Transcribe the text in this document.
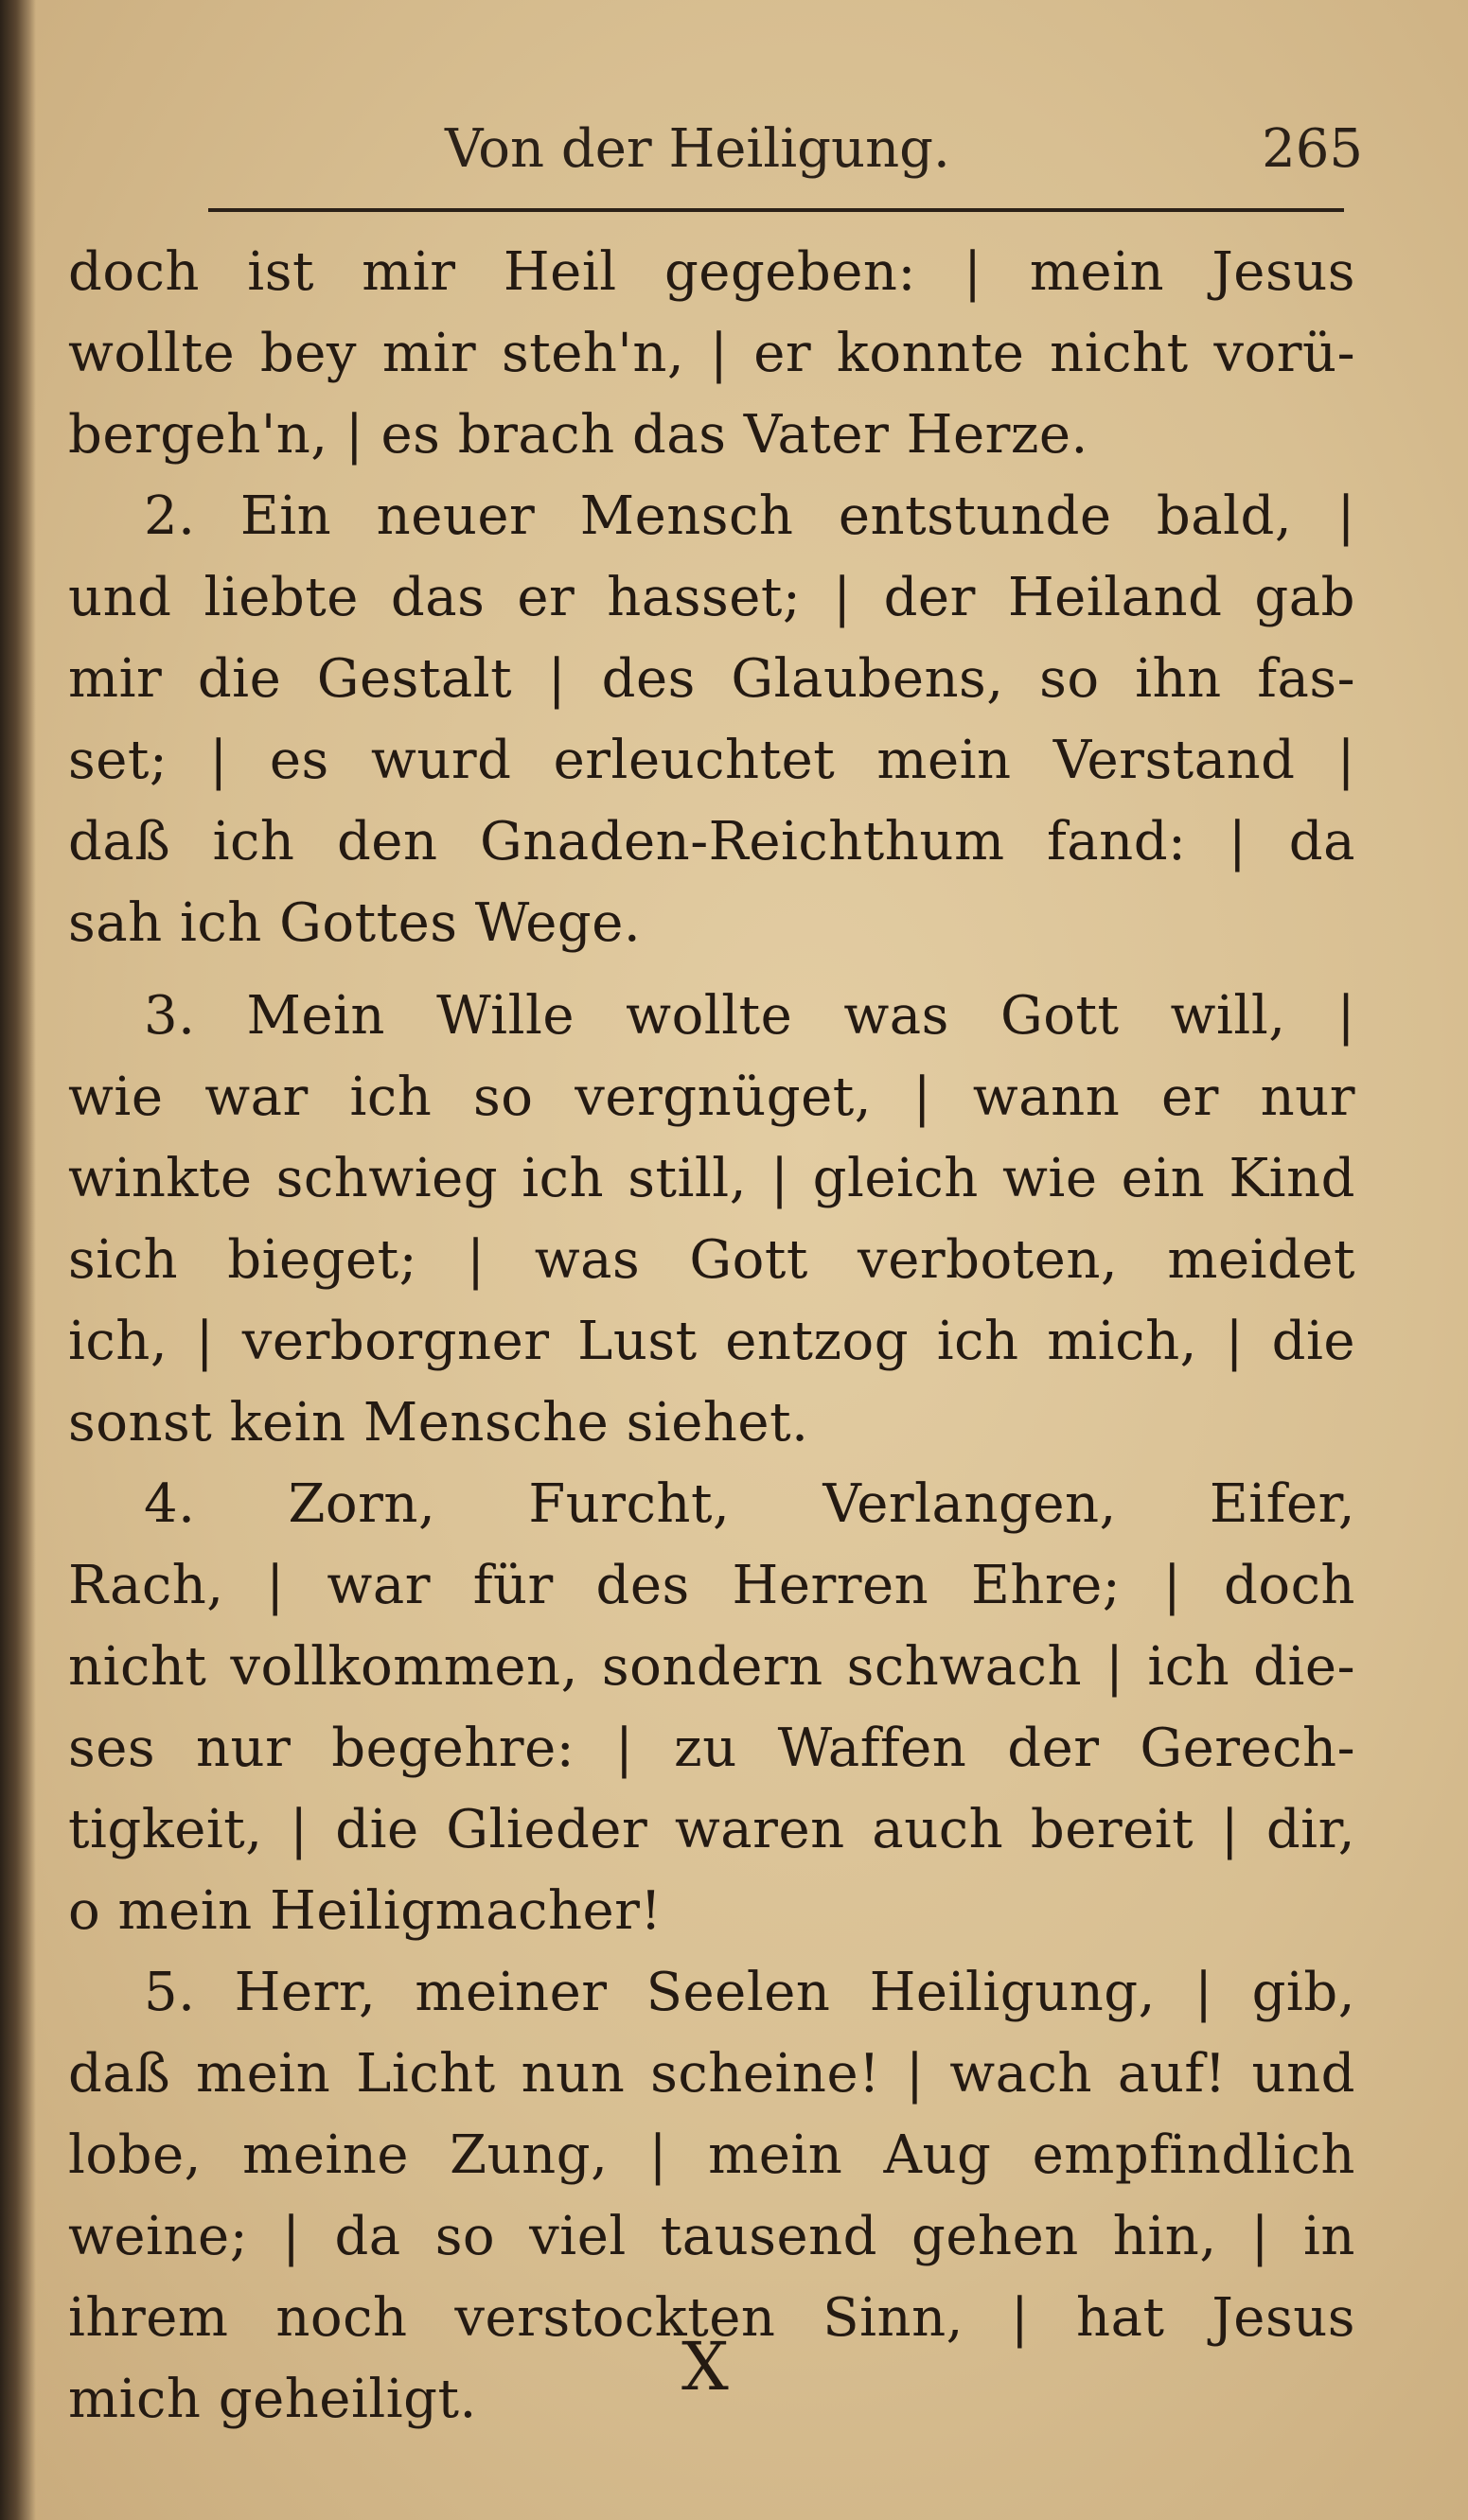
Von der Heiligung.	265
doch ist mir Heil gegeben: | mein Jesus
wollte bey mir steh'n, | er konnte nicht vorü-
bergeh'n, | es brach das Vater Herze.
2. Ein neuer Mensch entstunde bald, |
und liebte das er hasset; | der Heiland gab
mir die Gestalt | des Glaubens, so ihn fas-
set; | es wurd erleuchtet mein Verstand |
daß ich den Gnaden-Reichthum fand: | da
sah ich Gottes Wege.
3. Mein Wille wollte was Gott will, |
wie war ich so vergnüget, | wann er nur
winkte schwieg ich still, | gleich wie ein Kind
sich bieget; | was Gott verboten, meidet
ich, | verborgner Lust entzog ich mich, | die
sonst kein Mensche siehet.
4. Zorn, Furcht, Verlangen, Eifer,
Rach, | war für des Herren Ehre; | doch
nicht vollkommen, sondern schwach | ich die-
ses nur begehre: | zu Waffen der Gerech-
tigkeit, | die Glieder waren auch bereit | dir,
o mein Heiligmacher!
5. Herr, meiner Seelen Heiligung, | gib,
daß mein Licht nun scheine! | wach auf! und
lobe, meine Zung, | mein Aug empfindlich
weine; | da so viel tausend gehen hin, | in
ihrem noch verstockten Sinn, | hat Jesus
mich geheiligt.	X
